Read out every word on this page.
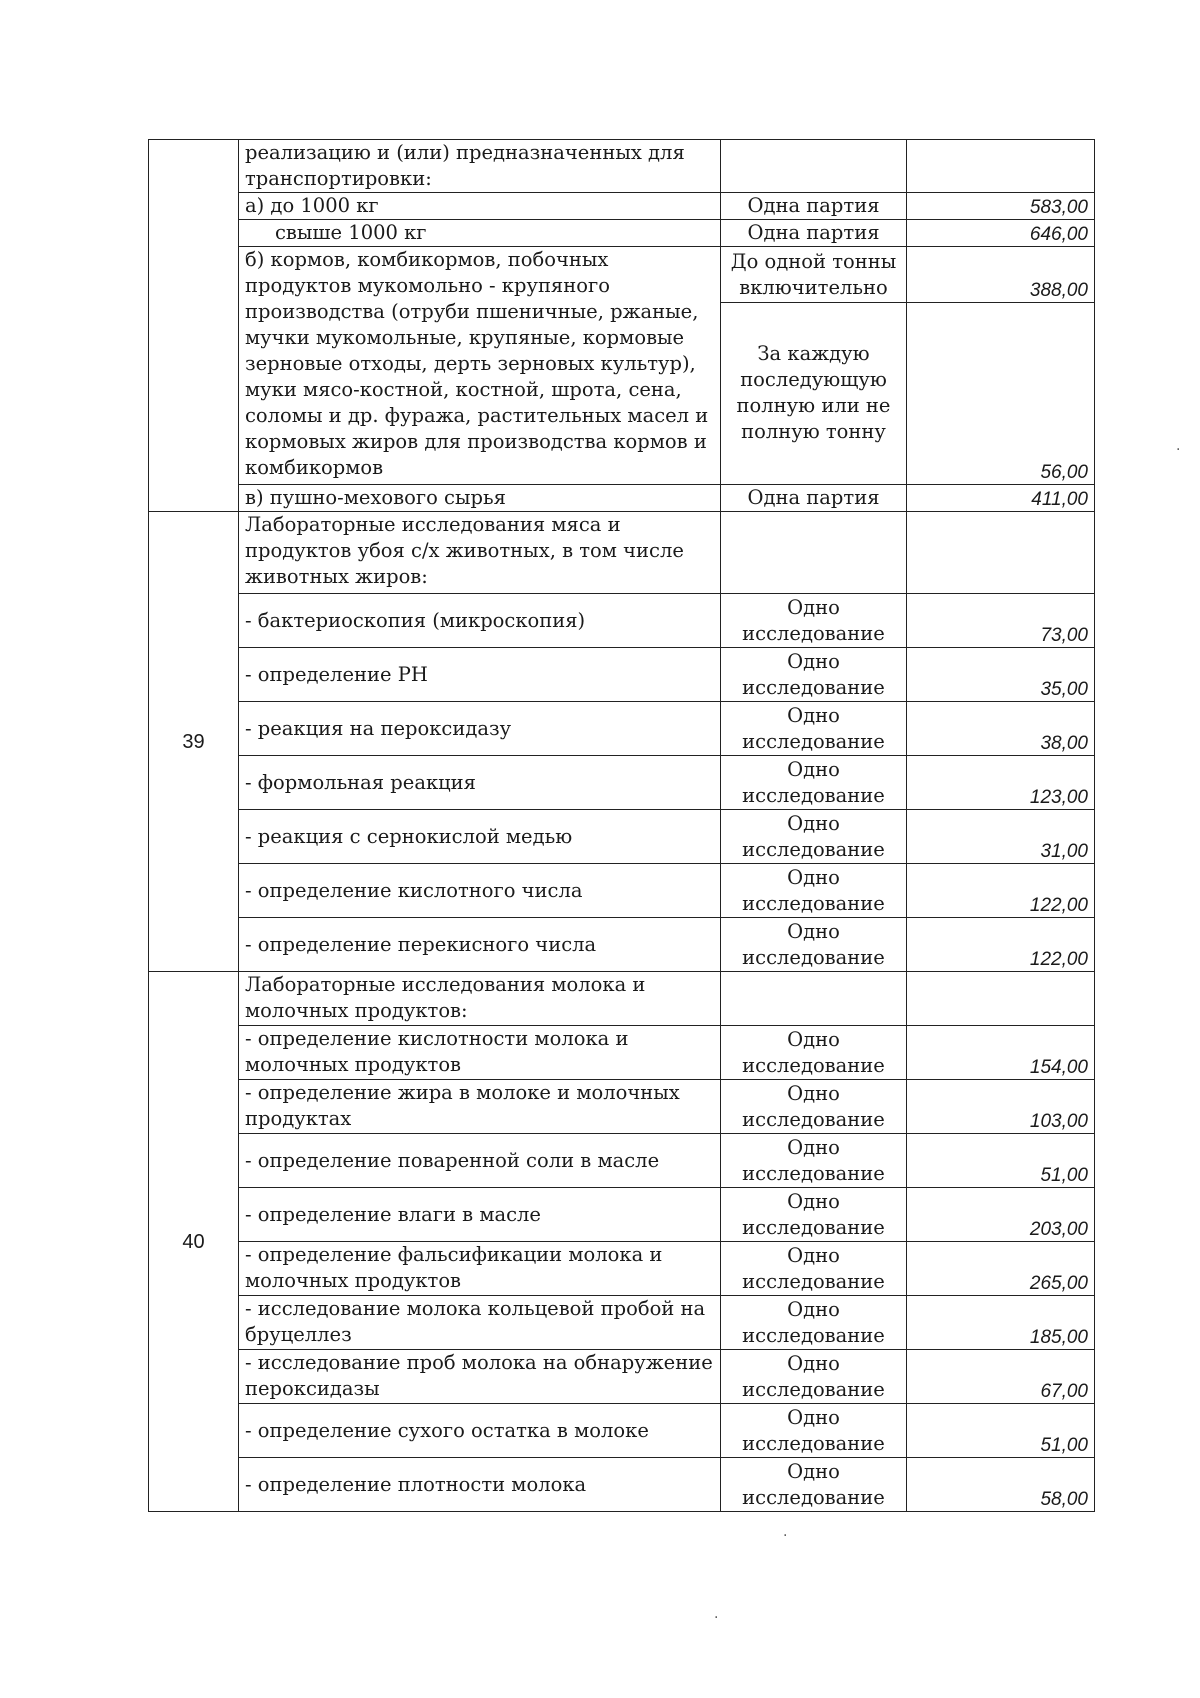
	реализацию и (или) предназначенных для транспортировки:		
	а) до 1000 кг	Одна партия	583,00
	свыше 1000 кг	Одна партия	646,00
	б) кормов, комбикормов, побочных продуктов мукомольно - крупяного производства (отруби пшеничные, ржаные, мучки мукомольные, крупяные, кормовые зерновые отходы, дерть зерновых культур), муки мясо-костной, костной, шрота, сена, соломы и др. фуража, растительных масел и кормовых жиров для производства кормов и комбикормов	До одной тонны включительно	388,00
		За каждую последующую полную или не полную тонну	56,00
	в) пушно-мехового сырья	Одна партия	411,00
39	Лабораторные исследования мяса и продуктов убоя с/х животных, в том числе животных жиров:		
	- бактериоскопия (микроскопия)	Одно исследование	73,00
	- определение PH	Одно исследование	35,00
	- реакция на пероксидазу	Одно исследование	38,00
	- формольная реакция	Одно исследование	123,00
	- реакция с сернокислой медью	Одно исследование	31,00
	- определение кислотного числа	Одно исследование	122,00
	- определение перекисного числа	Одно исследование	122,00
40	Лабораторные исследования молока и молочных продуктов:		
	- определение кислотности молока и молочных продуктов	Одно исследование	154,00
	- определение жира в молоке и молочных продуктах	Одно исследование	103,00
	- определение поваренной соли в масле	Одно исследование	51,00
	- определение влаги в масле	Одно исследование	203,00
	- определение фальсификации молока и молочных продуктов	Одно исследование	265,00
	- исследование молока кольцевой пробой на бруцеллез	Одно исследование	185,00
	- исследование проб молока на обнаружение пероксидазы	Одно исследование	67,00
	- определение сухого остатка в молоке	Одно исследование	51,00
	- определение плотности молока	Одно исследование	58,00
·
·
·
